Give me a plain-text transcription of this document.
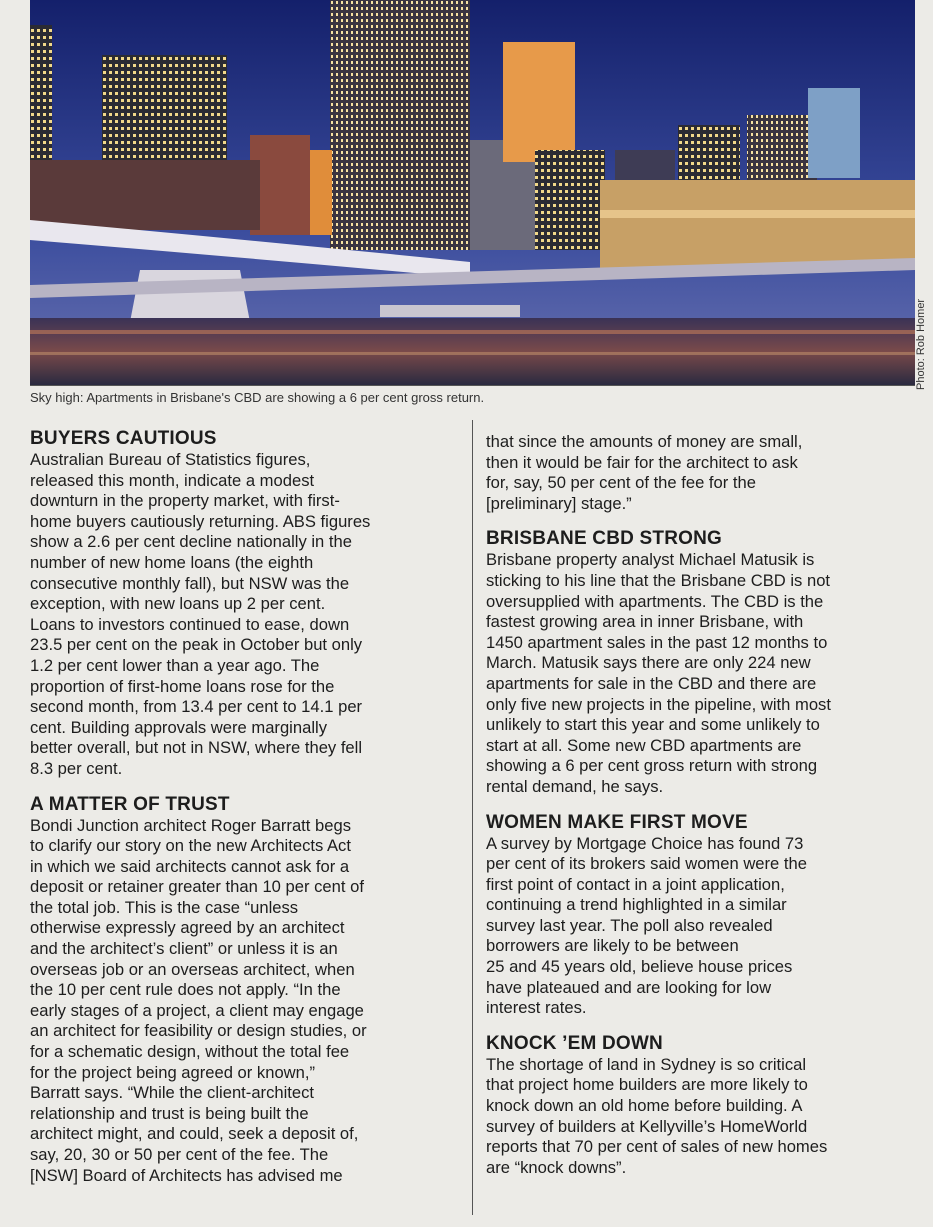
Photo: Rob Homer
Sky high: Apartments in Brisbane's CBD are showing a 6 per cent gross return.
BUYERS CAUTIOUS

Australian Bureau of Statistics figures,
released this month, indicate a modest
downturn in the property market, with first-
home buyers cautiously returning. ABS figures
show a 2.6 per cent decline nationally in the
number of new home loans (the eighth
consecutive monthly fall), but NSW was the
exception, with new loans up 2 per cent.
Loans to investors continued to ease, down
23.5 per cent on the peak in October but only
1.2 per cent lower than a year ago. The
proportion of first-home loans rose for the
second month, from 13.4 per cent to 14.1 per
cent. Building approvals were marginally
better overall, but not in NSW, where they fell
8.3 per cent.

A MATTER OF TRUST

Bondi Junction architect Roger Barratt begs
to clarify our story on the new Architects Act
in which we said architects cannot ask for a
deposit or retainer greater than 10 per cent of
the total job. This is the case “unless
otherwise expressly agreed by an architect
and the architect’s client” or unless it is an
overseas job or an overseas architect, when
the 10 per cent rule does not apply. “In the
early stages of a project, a client may engage
an architect for feasibility or design studies, or
for a schematic design, without the total fee
for the project being agreed or known,”
Barratt says. “While the client-architect
relationship and trust is being built the
architect might, and could, seek a deposit of,
say, 20, 30 or 50 per cent of the fee. The
[NSW] Board of Architects has advised me

that since the amounts of money are small,
then it would be fair for the architect to ask
for, say, 50 per cent of the fee for the
[preliminary] stage.”

BRISBANE CBD STRONG

Brisbane property analyst Michael Matusik is
sticking to his line that the Brisbane CBD is not
oversupplied with apartments. The CBD is the
fastest growing area in inner Brisbane, with
1450 apartment sales in the past 12 months to
March. Matusik says there are only 224 new
apartments for sale in the CBD and there are
only five new projects in the pipeline, with most
unlikely to start this year and some unlikely to
start at all. Some new CBD apartments are
showing a 6 per cent gross return with strong
rental demand, he says.

WOMEN MAKE FIRST MOVE

A survey by Mortgage Choice has found 73
per cent of its brokers said women were the
first point of contact in a joint application,
continuing a trend highlighted in a similar
survey last year. The poll also revealed
borrowers are likely to be between
25 and 45 years old, believe house prices
have plateaued and are looking for low
interest rates.

KNOCK ’EM DOWN

The shortage of land in Sydney is so critical
that project home builders are more likely to
knock down an old home before building. A
survey of builders at Kellyville’s HomeWorld
reports that 70 per cent of sales of new homes
are “knock downs”.
